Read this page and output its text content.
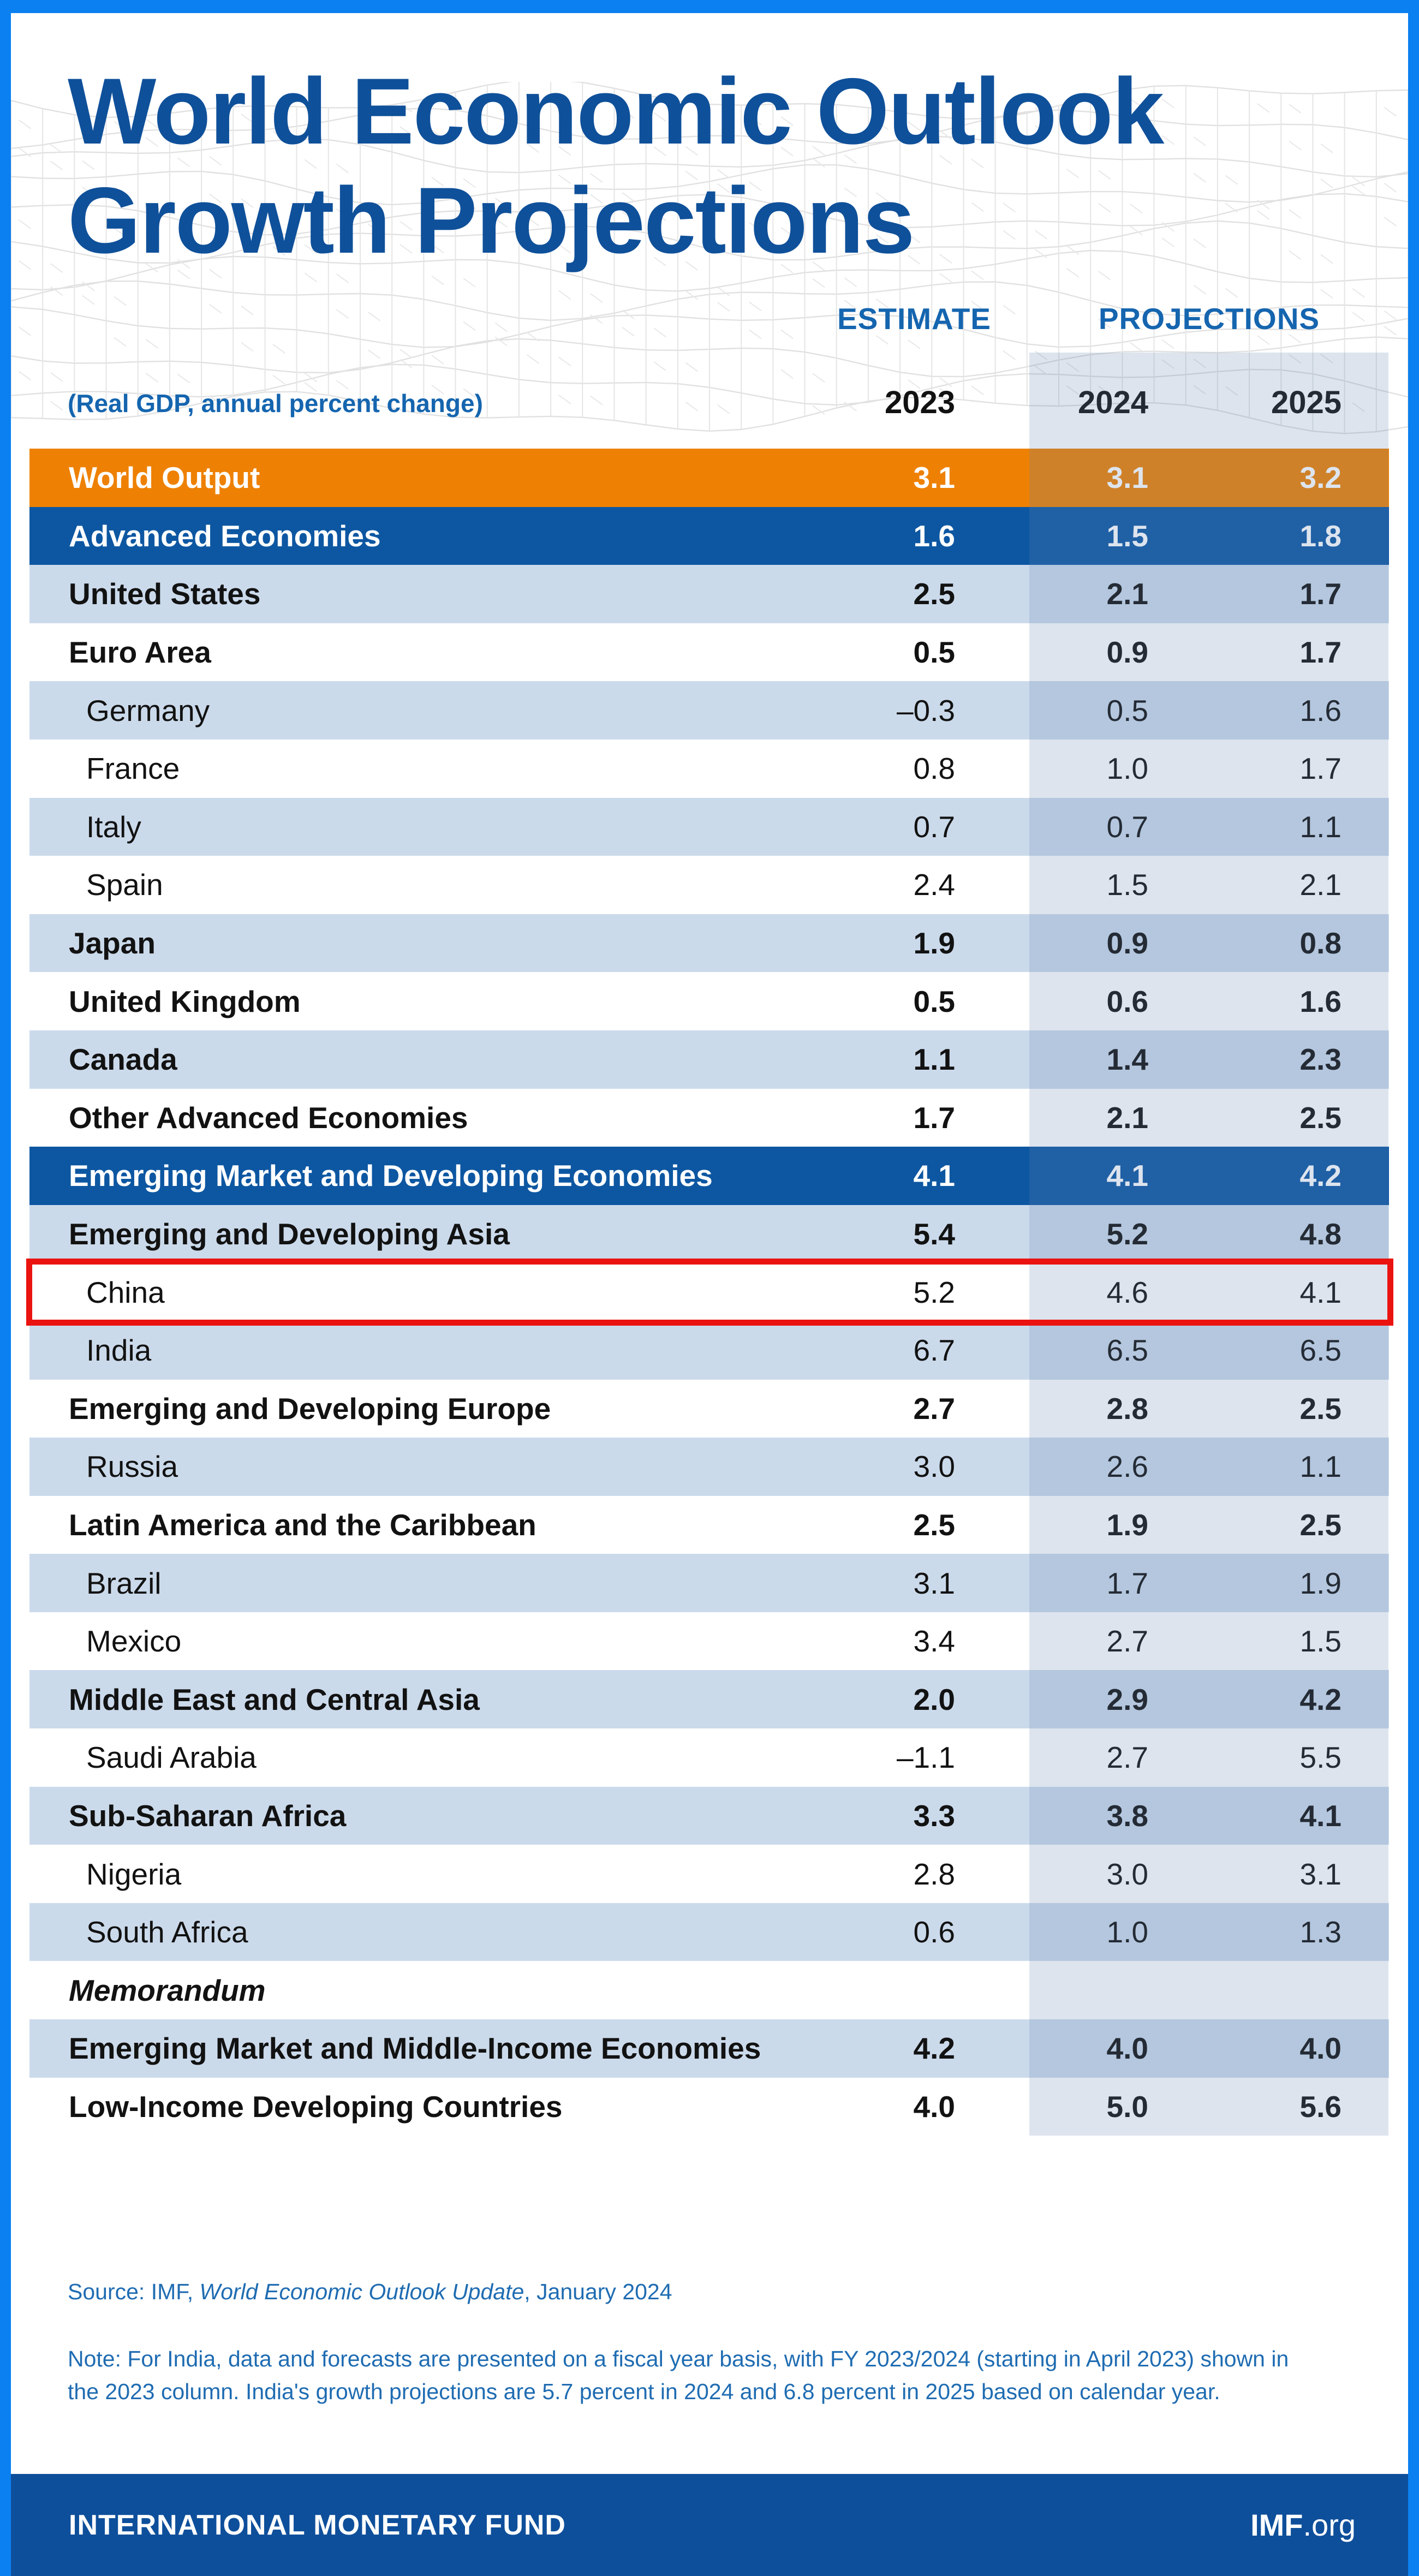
World Economic Outlook
Growth Projections
ESTIMATE	PROJECTIONS
(Real GDP, annual percent change)	2023	2024	2025
World Output	3.1	3.1	3.2
Advanced Economies	1.6	1.5	1.8
United States	2.5	2.1	1.7
Euro Area	0.5	0.9	1.7
Germany	–0.3	0.5	1.6
France	0.8	1.0	1.7
Italy	0.7	0.7	1.1
Spain	2.4	1.5	2.1
Japan	1.9	0.9	0.8
United Kingdom	0.5	0.6	1.6
Canada	1.1	1.4	2.3
Other Advanced Economies	1.7	2.1	2.5
Emerging Market and Developing Economies	4.1	4.1	4.2
Emerging and Developing Asia	5.4	5.2	4.8
China	5.2	4.6	4.1
India	6.7	6.5	6.5
Emerging and Developing Europe	2.7	2.8	2.5
Russia	3.0	2.6	1.1
Latin America and the Caribbean	2.5	1.9	2.5
Brazil	3.1	1.7	1.9
Mexico	3.4	2.7	1.5
Middle East and Central Asia	2.0	2.9	4.2
Saudi Arabia	–1.1	2.7	5.5
Sub-Saharan Africa	3.3	3.8	4.1
Nigeria	2.8	3.0	3.1
South Africa	0.6	1.0	1.3
Memorandum
Emerging Market and Middle-Income Economies	4.2	4.0	4.0
Low-Income Developing Countries	4.0	5.0	5.6
Source: IMF, World Economic Outlook Update, January 2024
Note: For India, data and forecasts are presented on a fiscal year basis, with FY 2023/2024 (starting in April 2023) shown in the 2023 column. India's growth projections are 5.7 percent in 2024 and 6.8 percent in 2025 based on calendar year.
INTERNATIONAL MONETARY FUND	IMF.org
